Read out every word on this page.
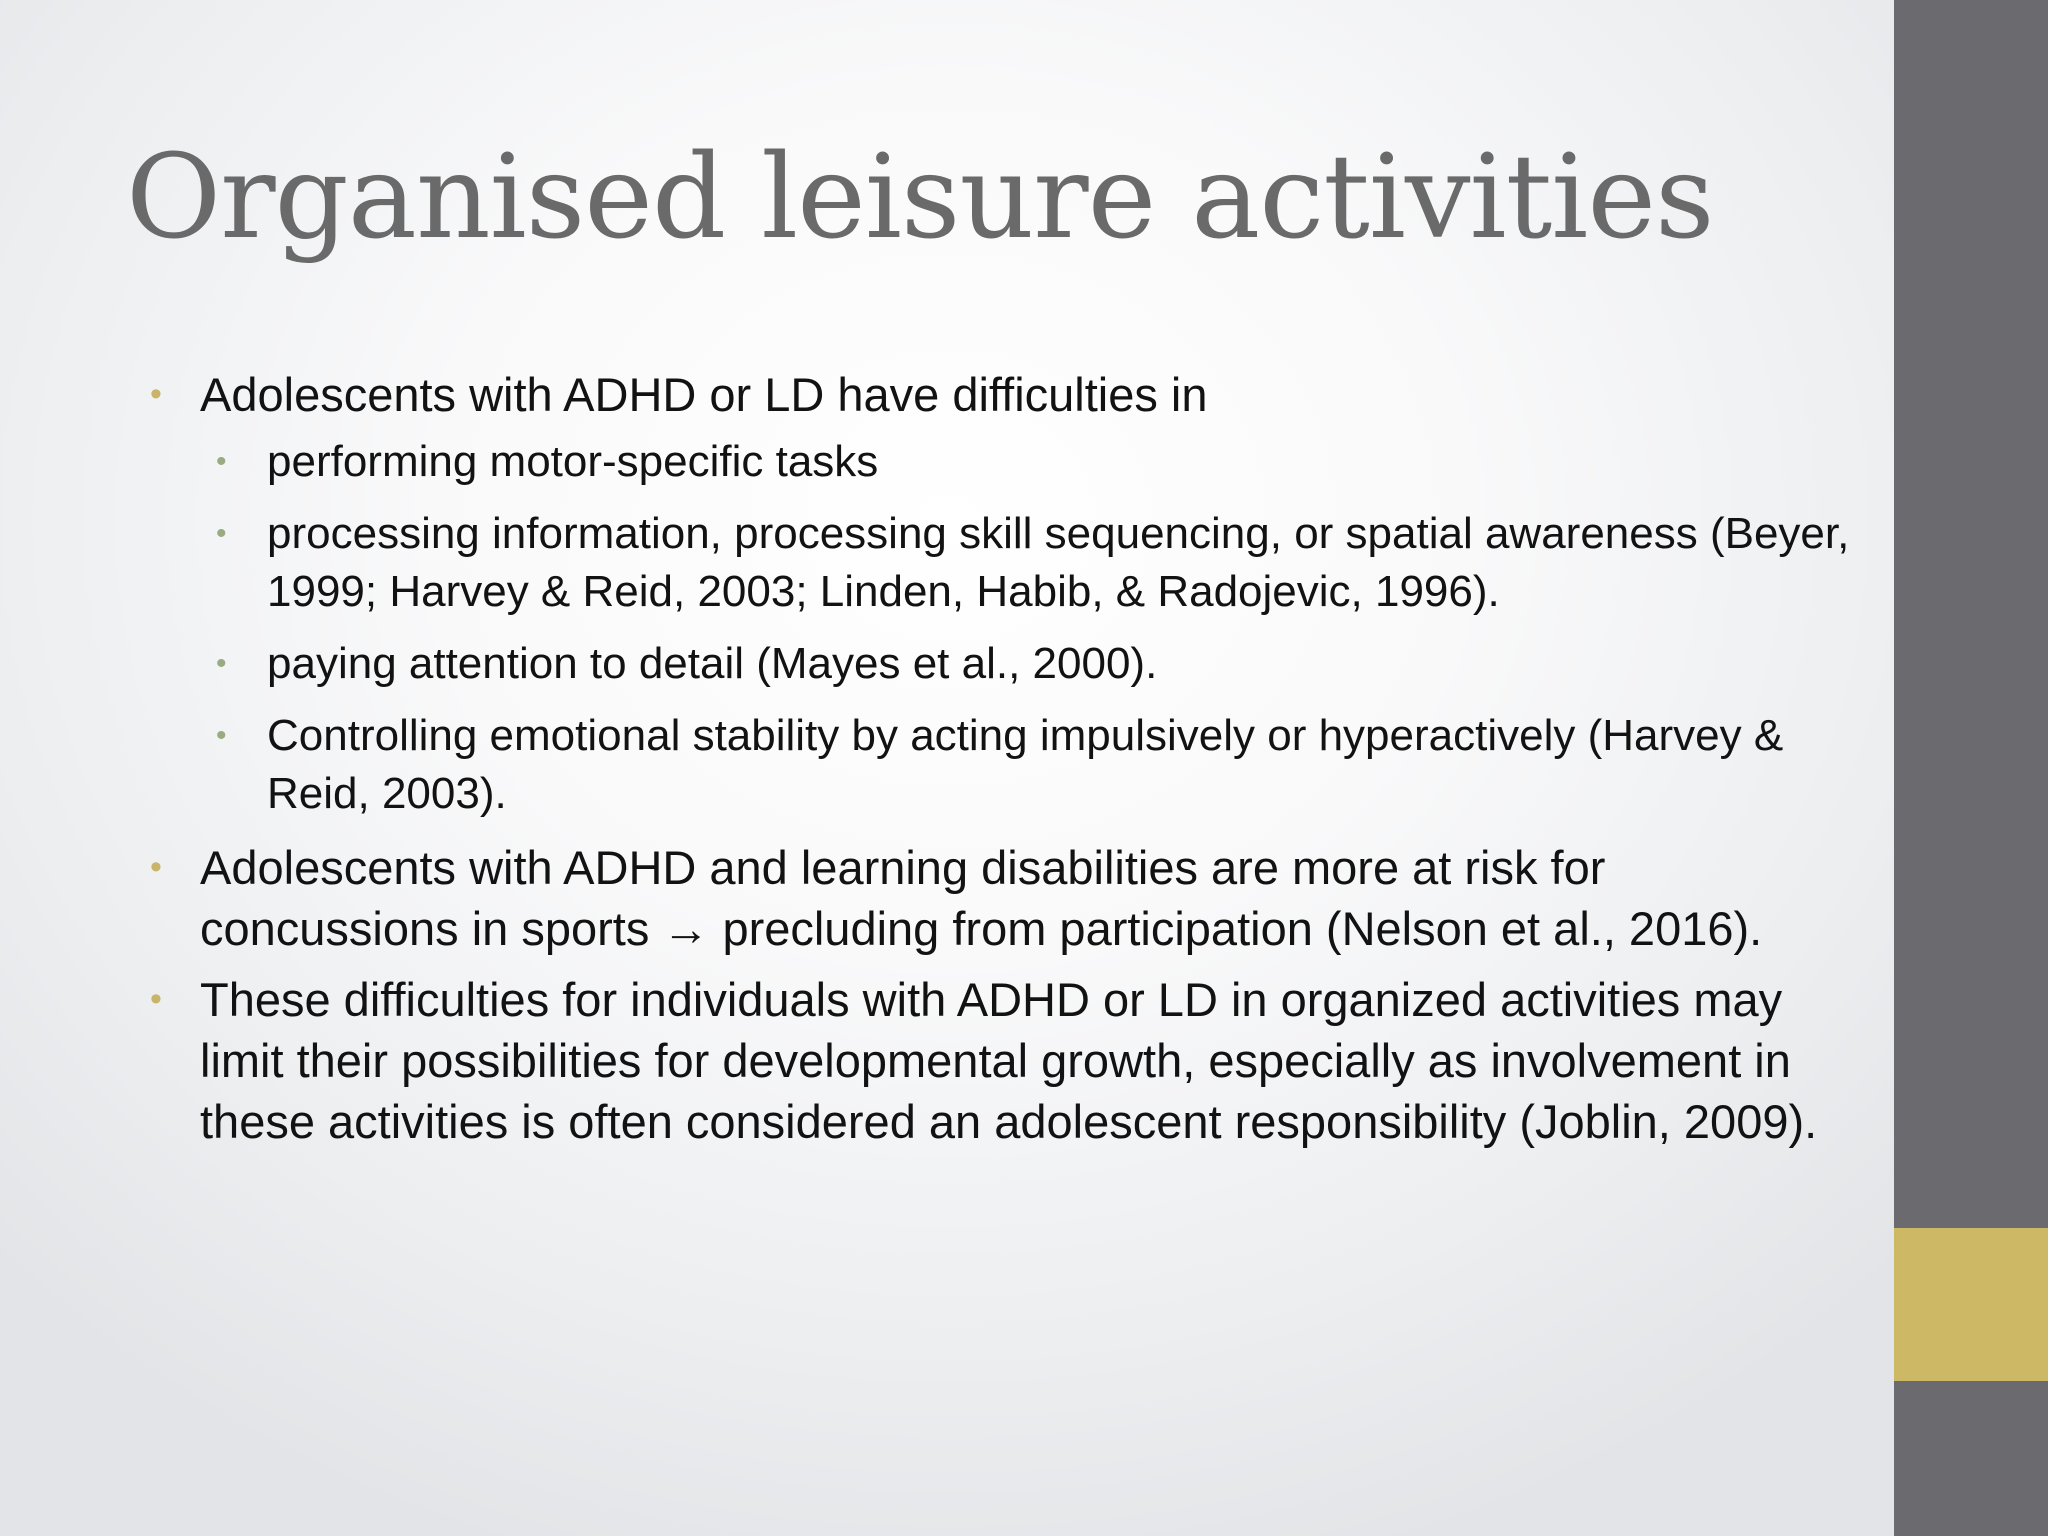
Organised leisure activities
• Adolescents with ADHD or LD have difficulties in
• performing motor-specific tasks
• processing information, processing skill sequencing, or spatial awareness (Beyer, 1999; Harvey & Reid, 2003; Linden, Habib, & Radojevic, 1996).
• paying attention to detail (Mayes et al., 2000).
• Controlling emotional stability by acting impulsively or hyperactively (Harvey & Reid, 2003).
• Adolescents with ADHD and learning disabilities are more at risk for concussions in sports → precluding from participation (Nelson et al., 2016).
• These difficulties for individuals with ADHD or LD in organized activities may limit their possibilities for developmental growth, especially as involvement in these activities is often considered an adolescent responsibility (Joblin, 2009).
